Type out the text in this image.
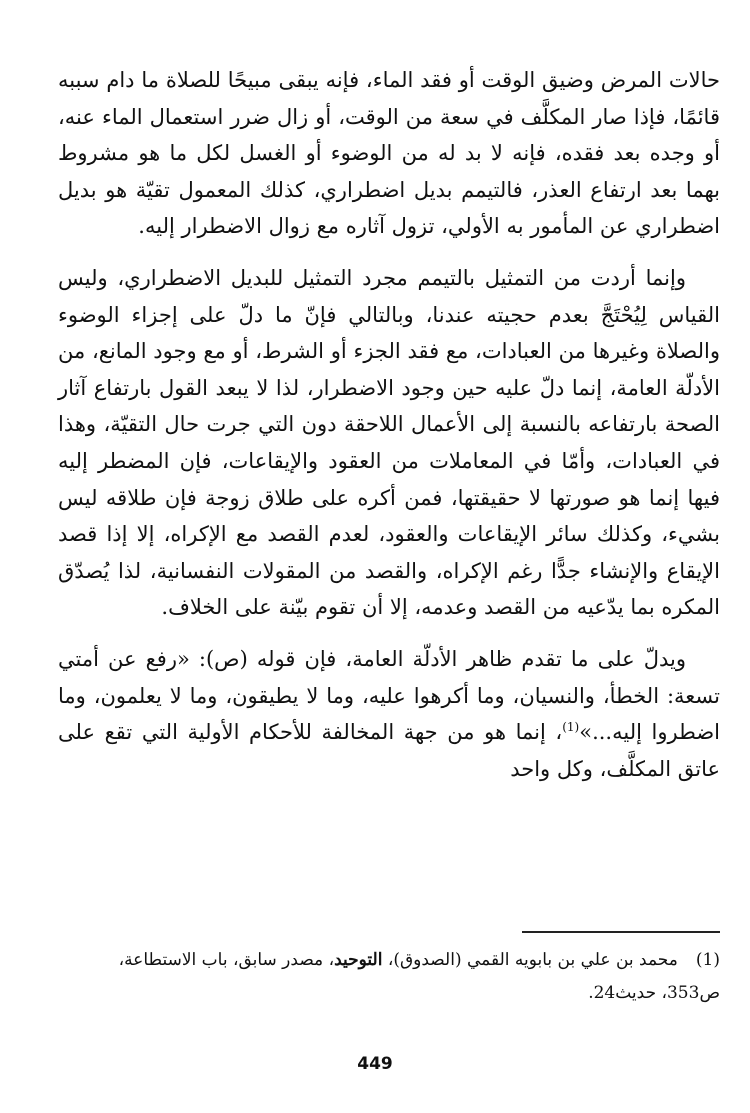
حالات المرض وضيق الوقت أو فقد الماء، فإنه يبقى مبيحًا للصلاة ما دام سببه قائمًا، فإذا صار المكلَّف في سعة من الوقت، أو زال ضرر استعمال الماء عنه، أو وجده بعد فقده، فإنه لا بد له من الوضوء أو الغسل لكل ما هو مشروط بهما بعد ارتفاع العذر، فالتيمم بديل اضطراري، كذلك المعمول تقيّة هو بديل اضطراري عن المأمور به الأولي، تزول آثاره مع زوال الاضطرار إليه.

وإنما أردت من التمثيل بالتيمم مجرد التمثيل للبديل الاضطراري، وليس القياس لِيُحْتَجَّ بعدم حجيته عندنا، وبالتالي فإنّ ما دلّ على إجزاء الوضوء والصلاة وغيرها من العبادات، مع فقد الجزء أو الشرط، أو مع وجود المانع، من الأدلّة العامة، إنما دلّ عليه حين وجود الاضطرار، لذا لا يبعد القول بارتفاع آثار الصحة بارتفاعه بالنسبة إلى الأعمال اللاحقة دون التي جرت حال التقيّة، وهذا في العبادات، وأمّا في المعاملات من العقود والإيقاعات، فإن المضطر إليه فيها إنما هو صورتها لا حقيقتها، فمن أكره على طلاق زوجة فإن طلاقه ليس بشيء، وكذلك سائر الإيقاعات والعقود، لعدم القصد مع الإكراه، إلا إذا قصد الإيقاع والإنشاء جدًّا رغم الإكراه، والقصد من المقولات النفسانية، لذا يُصدّق المكره بما يدّعيه من القصد وعدمه، إلا أن تقوم بيّنة على الخلاف.

ويدلّ على ما تقدم ظاهر الأدلّة العامة، فإن قوله (ص): «رفع عن أمتي تسعة: الخطأ، والنسيان، وما أكرهوا عليه، وما لا يطيقون، وما لا يعلمون، وما اضطروا إليه...»$^{(1)}$، إنما هو من جهة المخالفة للأحكام الأولية التي تقع على عاتق المكلَّف، وكل واحد

(1)محمد بن علي بن بابويه القمي (الصدوق)، التوحيد، مصدر سابق، باب الاستطاعة، ص353، حديث24.
449
